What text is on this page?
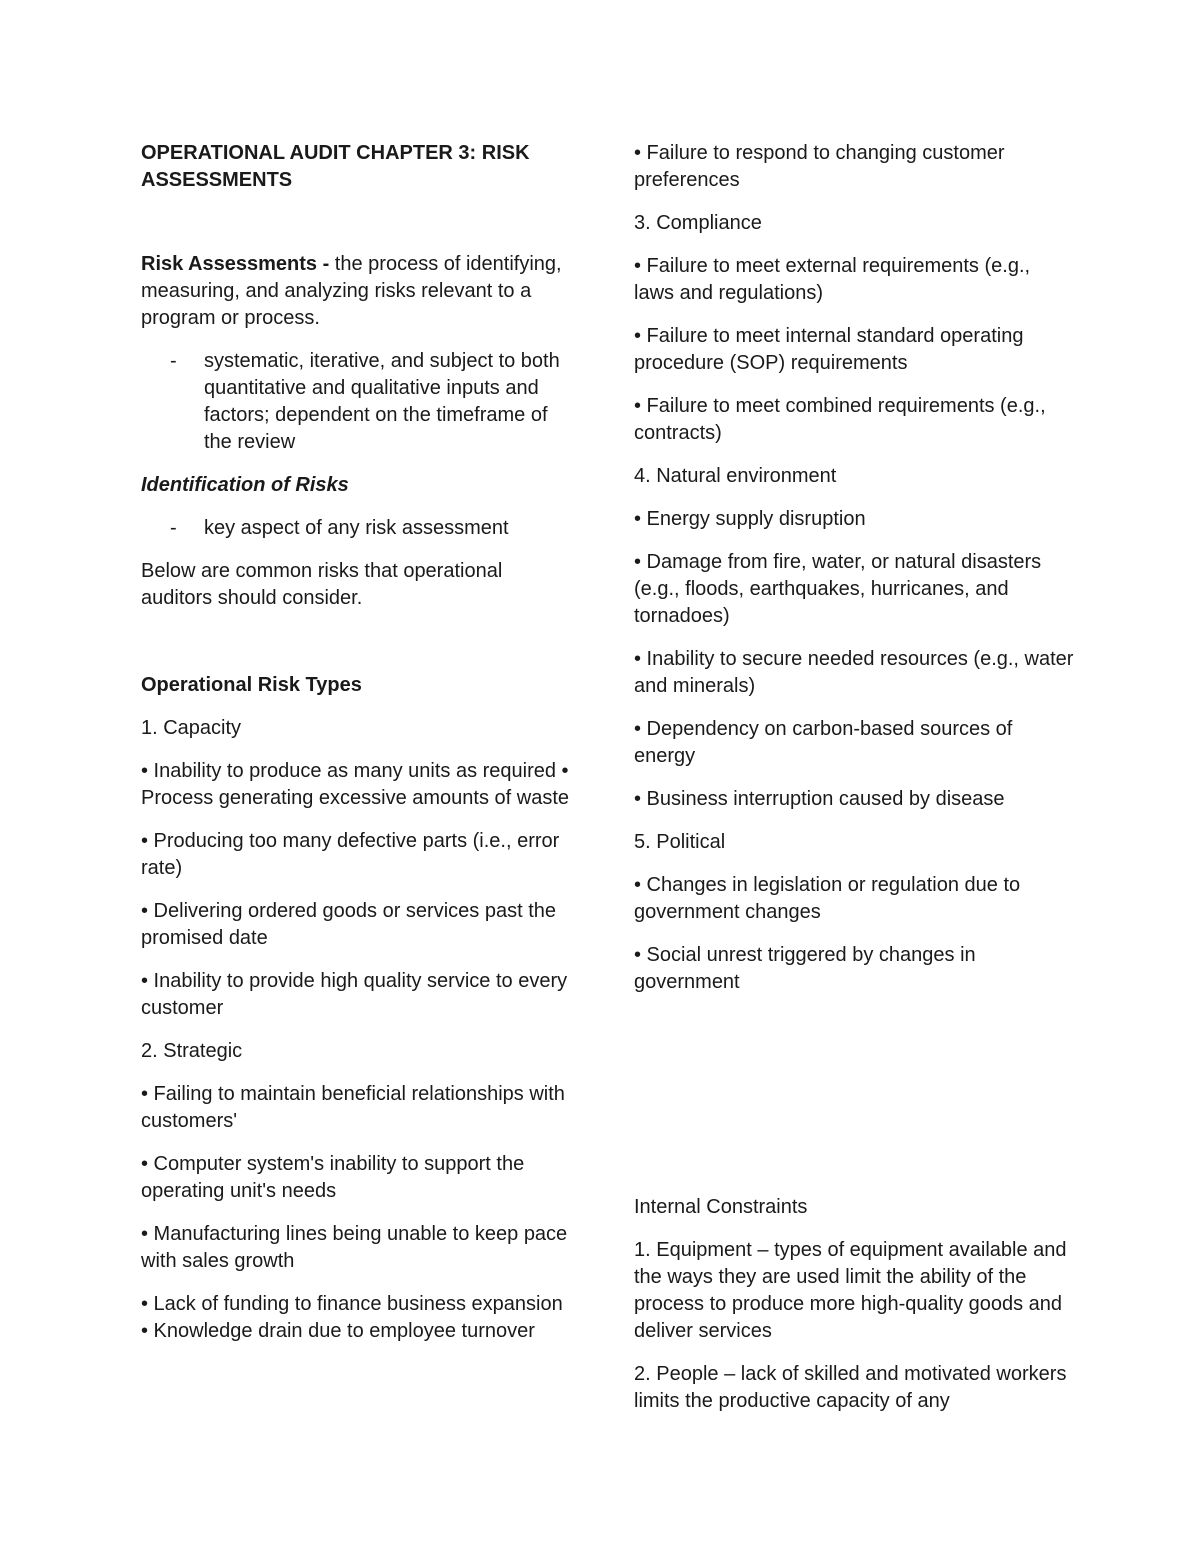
OPERATIONAL AUDIT CHAPTER 3: RISK ASSESSMENTS

Risk Assessments - the process of identifying, measuring, and analyzing risks relevant to a program or process.

- systematic, iterative, and subject to both quantitative and qualitative inputs and factors; dependent on the timeframe of the review

Identification of Risks

- key aspect of any risk assessment

Below are common risks that operational auditors should consider.

Operational Risk Types

1. Capacity

• Inability to produce as many units as required • Process generating excessive amounts of waste

• Producing too many defective parts (i.e., error rate)

• Delivering ordered goods or services past the promised date

• Inability to provide high quality service to every customer

2. Strategic

• Failing to maintain beneficial relationships with customers'

• Computer system's inability to support the operating unit's needs

• Manufacturing lines being unable to keep pace with sales growth

• Lack of funding to finance business expansion • Knowledge drain due to employee turnover

• Failure to respond to changing customer preferences

3. Compliance

• Failure to meet external requirements (e.g., laws and regulations)

• Failure to meet internal standard operating procedure (SOP) requirements

• Failure to meet combined requirements (e.g., contracts)

4. Natural environment

• Energy supply disruption

• Damage from fire, water, or natural disasters (e.g., floods, earthquakes, hurricanes, and tornadoes)

• Inability to secure needed resources (e.g., water and minerals)

• Dependency on carbon-based sources of energy

• Business interruption caused by disease

5. Political

• Changes in legislation or regulation due to government changes

• Social unrest triggered by changes in government

Internal Constraints

1. Equipment – types of equipment available and the ways they are used limit the ability of the process to produce more high-quality goods and deliver services

2. People – lack of skilled and motivated workers limits the productive capacity of any
